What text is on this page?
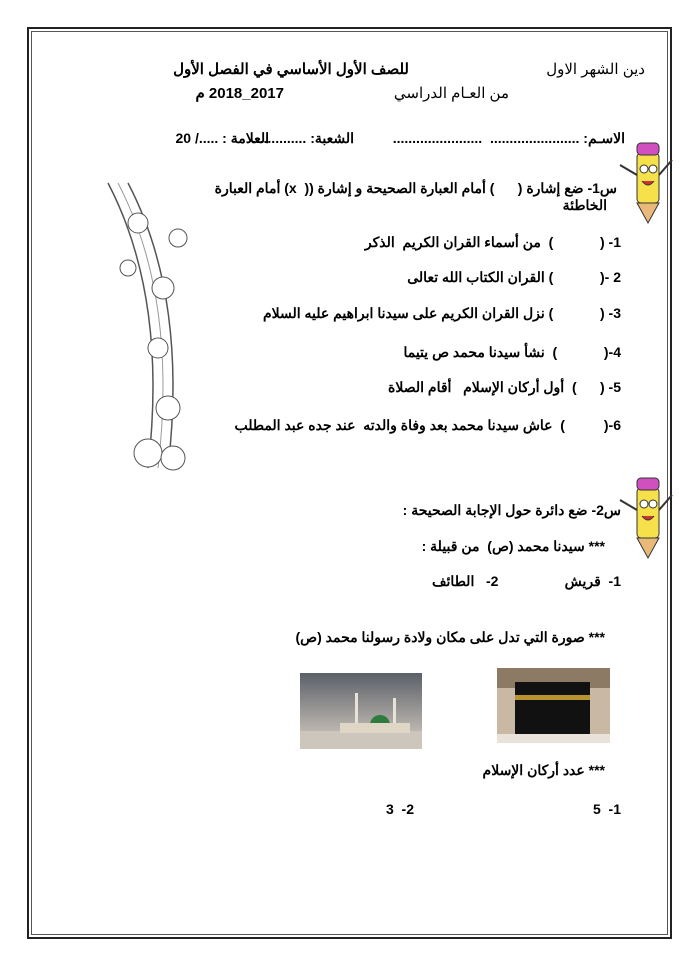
دين الشهر الاول
للصف الأول الأساسي في الفصل الأول
من العـام الدراسي
2017_2018 م
الاسـم: .......................  .......................
الشعبة: ..............
العلامة : ...../ 20
س1- ضع إشارة (      ) أمام العبارة الصحيحة و إشارة ((  x) أمام العبارة
الخاطئة
1- (            )  من أسماء القران الكريم  الذكر
2 -(            ) القران الكتاب الله تعالى
3- (            ) نزل القران الكريم على سيدنا ابراهيم عليه السلام
4-(            )  نشأ سيدنا محمد ص يتيما
5- (      )  أول أركان الإسلام   أقام الصلاة
6-(          )  عاش سيدنا محمد بعد وفاة والدته  عند جده عبد المطلب
س2- ضع دائرة حول الإجابة الصحيحة :
*** سيدنا محمد (ص)  من قبيلة :
1-  قريش                 2-   الطائف
*** صورة التي تدل على مكان ولادة رسولنا محمد (ص)
*** عدد أركان الإسلام
1-  5                                              2-  3
